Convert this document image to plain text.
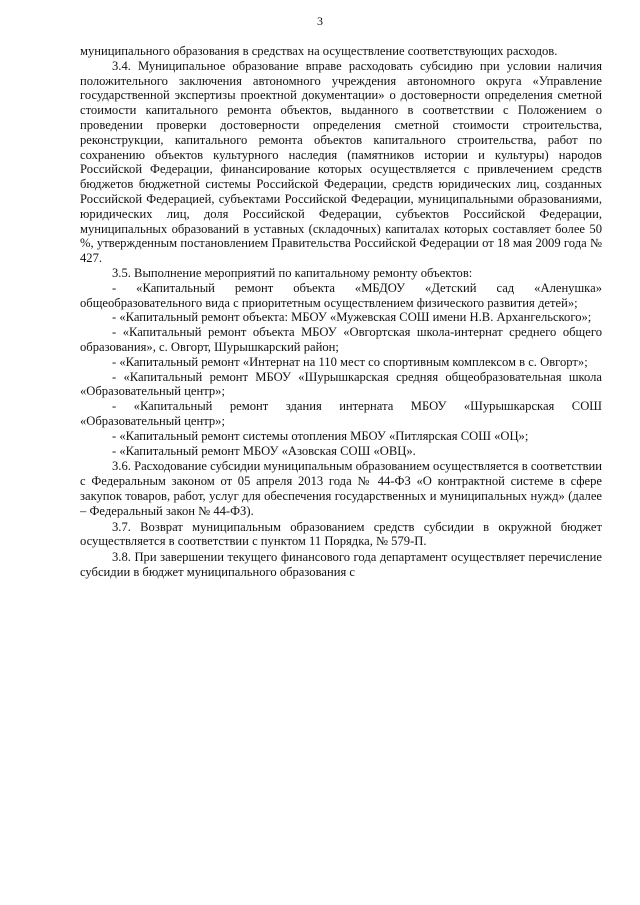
3

муниципального образования в средствах на осуществление соответствующих расходов.

3.4. Муниципальное образование вправе расходовать субсидию при условии наличия положительного заключения автономного учреждения автономного округа «Управление государственной экспертизы проектной документации» о достоверности определения сметной стоимости капитального ремонта объектов, выданного в соответствии с Положением о проведении проверки достоверности определения сметной стоимости строительства, реконструкции, капитального ремонта объектов капитального строительства, работ по сохранению объектов культурного наследия (памятников истории и культуры) народов Российской Федерации, финансирование которых осуществляется с привлечением средств бюджетов бюджетной системы Российской Федерации, средств юридических лиц, созданных Российской Федерацией, субъектами Российской Федерации, муниципальными образованиями, юридических лиц, доля Российской Федерации, субъектов Российской Федерации, муниципальных образований в уставных (складочных) капиталах которых составляет более 50 %, утвержденным постановлением Правительства Российской Федерации от 18 мая 2009 года № 427.

3.5. Выполнение мероприятий по капитальному ремонту объектов:

- «Капитальный ремонт объекта «МБДОУ «Детский сад «Аленушка» общеобразовательного вида с приоритетным осуществлением физического развития детей»;

- «Капитальный ремонт объекта: МБОУ «Мужевская СОШ имени Н.В. Архангельского»;

- «Капитальный ремонт объекта МБОУ «Овгортская школа-интернат среднего общего образования», с. Овгорт, Шурышкарский район;

- «Капитальный ремонт «Интернат на 110 мест со спортивным комплексом в с. Овгорт»;

- «Капитальный ремонт МБОУ «Шурышкарская средняя общеобразовательная школа «Образовательный центр»;

- «Капитальный ремонт здания интерната МБОУ «Шурышкарская СОШ «Образовательный центр»;

- «Капитальный ремонт системы отопления МБОУ «Питлярская СОШ «ОЦ»;

- «Капитальный ремонт МБОУ «Азовская СОШ «ОВЦ».

3.6. Расходование субсидии муниципальным образованием осуществляется в соответствии с Федеральным законом от 05 апреля 2013 года № 44-ФЗ «О контрактной системе в сфере закупок товаров, работ, услуг для обеспечения государственных и муниципальных нужд» (далее – Федеральный закон № 44-ФЗ).

3.7. Возврат муниципальным образованием средств субсидии в окружной бюджет осуществляется в соответствии с пунктом 11 Порядка, № 579-П.

3.8. При завершении текущего финансового года департамент осуществляет перечисление субсидии в бюджет муниципального образования с
